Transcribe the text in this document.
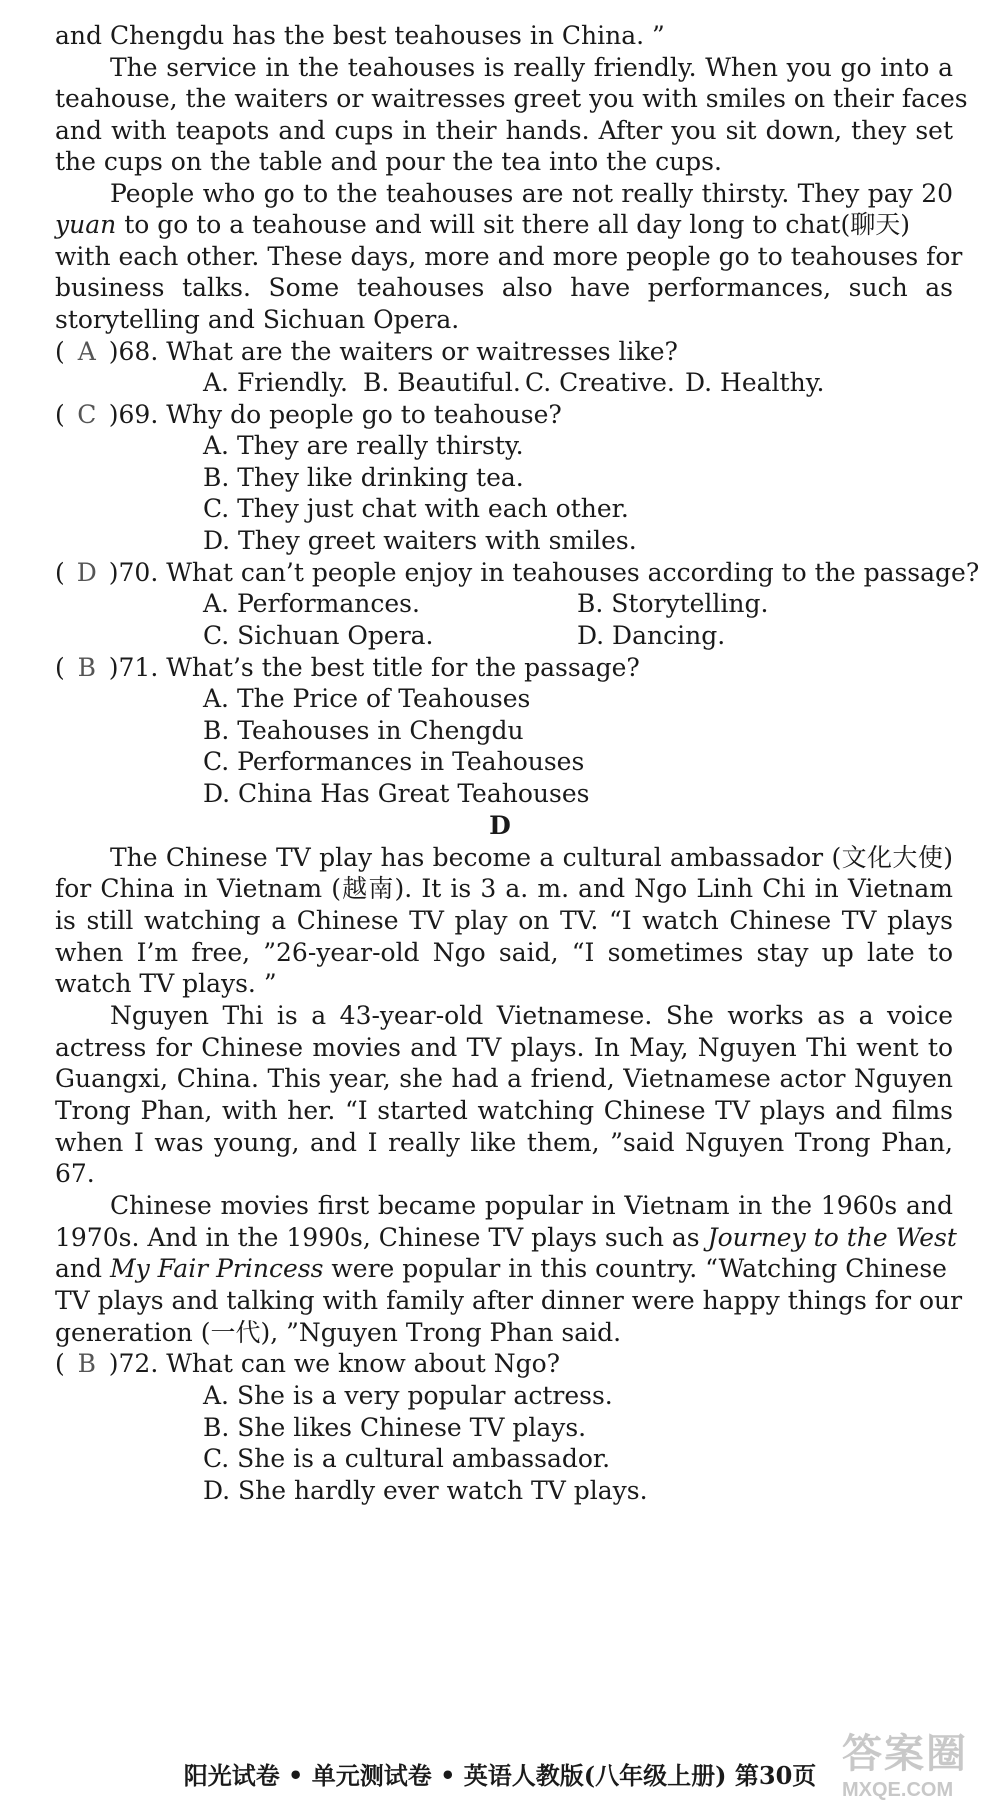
and Chengdu has the best teahouses in China. ”
The service in the teahouses is really friendly. When you go into a
teahouse, the waiters or waitresses greet you with smiles on their faces
and with teapots and cups in their hands. After you sit down, they set
the cups on the table and pour the tea into the cups.
People who go to the teahouses are not really thirsty. They pay 20
yuan to go to a teahouse and will sit there all day long to chat(聊天)
with each other. These days, more and more people go to teahouses for
business talks. Some teahouses also have performances, such as
storytelling and Sichuan Opera.
( A )68. What are the waiters or waitresses like?
A. Friendly. B. Beautiful. C. Creative. D. Healthy.
( C )69. Why do people go to teahouse?
A. They are really thirsty.
B. They like drinking tea.
C. They just chat with each other.
D. They greet waiters with smiles.
( D )70. What can’t people enjoy in teahouses according to the passage?
A. Performances.	B. Storytelling.
C. Sichuan Opera.	D. Dancing.
( B )71. What’s the best title for the passage?
A. The Price of Teahouses
B. Teahouses in Chengdu
C. Performances in Teahouses
D. China Has Great Teahouses
D
The Chinese TV play has become a cultural ambassador (文化大使)
for China in Vietnam (越南). It is 3 a. m. and Ngo Linh Chi in Vietnam
is still watching a Chinese TV play on TV. “I watch Chinese TV plays
when I’m free, ”26-year-old Ngo said, “I sometimes stay up late to
watch TV plays. ”
Nguyen Thi is a 43-year-old Vietnamese. She works as a voice
actress for Chinese movies and TV plays. In May, Nguyen Thi went to
Guangxi, China. This year, she had a friend, Vietnamese actor Nguyen
Trong Phan, with her. “I started watching Chinese TV plays and films
when I was young, and I really like them, ”said Nguyen Trong Phan,
67.
Chinese movies first became popular in Vietnam in the 1960s and
1970s. And in the 1990s, Chinese TV plays such as Journey to the West
and My Fair Princess were popular in this country. “Watching Chinese
TV plays and talking with family after dinner were happy things for our
generation (一代), ”Nguyen Trong Phan said.
( B )72. What can we know about Ngo?
A. She is a very popular actress.
B. She likes Chinese TV plays.
C. She is a cultural ambassador.
D. She hardly ever watch TV plays.
阳光试卷 • 单元测试卷 • 英语人教版(八年级上册) 第30页 答案圈
MXQE.COM
